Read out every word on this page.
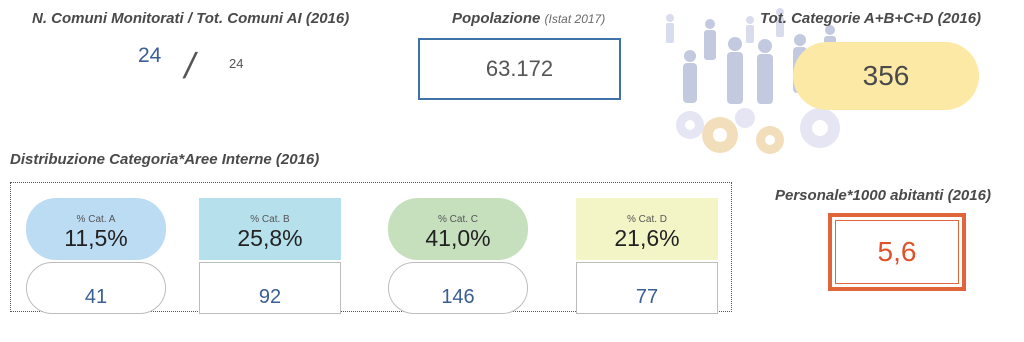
N. Comuni Monitorati / Tot. Comuni AI (2016)
24 / 24
Popolazione (Istat 2017)
63.172
Tot. Categorie A+B+C+D (2016)
356
Distribuzione Categoria*Aree Interne (2016)
% Cat. A
11,5%
41
% Cat. B
25,8%
92
% Cat. C
41,0%
146
% Cat. D
21,6%
77
Personale*1000 abitanti (2016)
5,6
